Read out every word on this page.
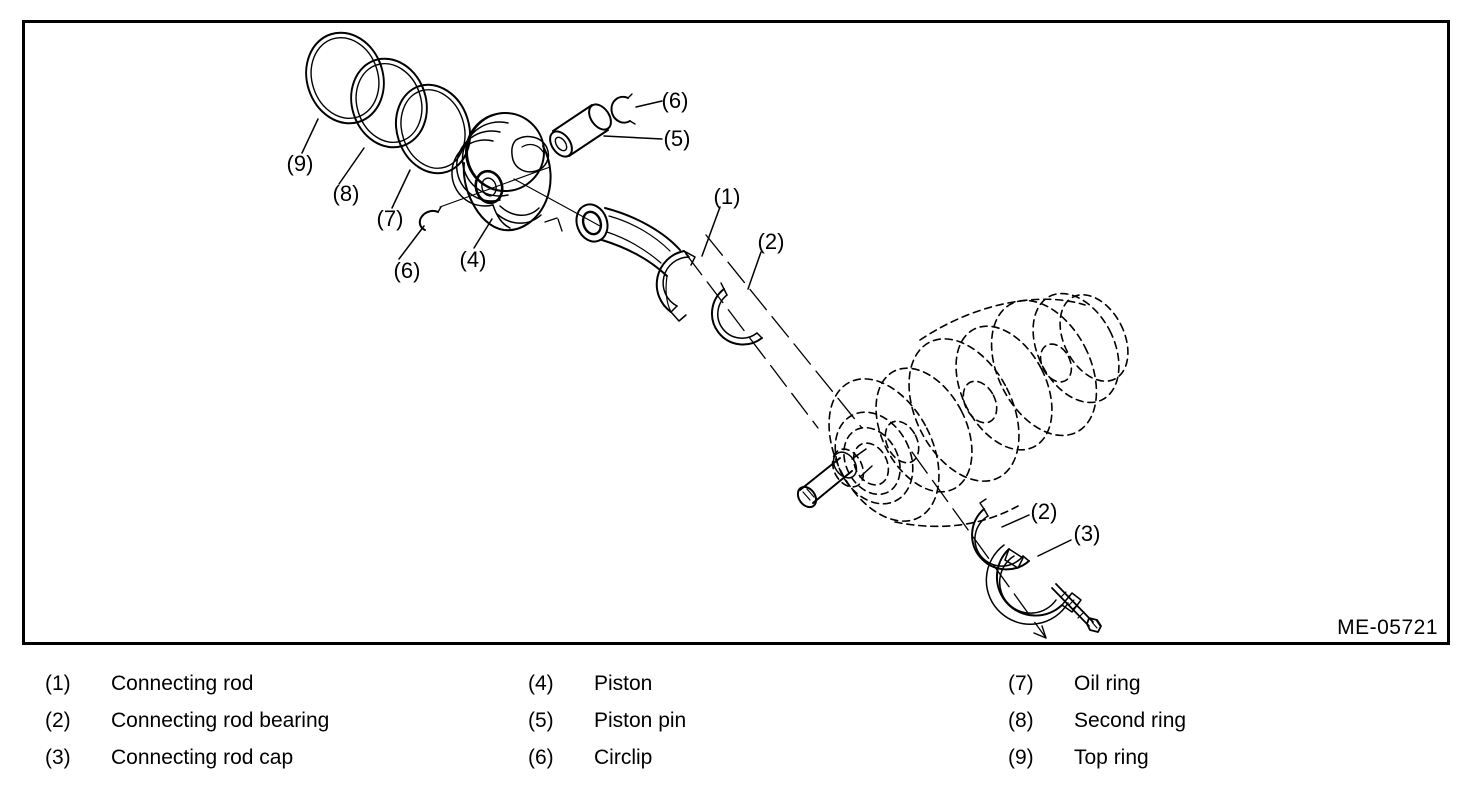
(9)
(8)
(7)
(6) (4)
(6)
(5)
(1)
(2)
(2)
(3)
ME-05721
(1)	Connecting rod
(2)	Connecting rod bearing
(3)	Connecting rod cap
(4)	Piston
(5)	Piston pin
(6)	Circlip
(7)	Oil ring
(8)	Second ring
(9)	Top ring
